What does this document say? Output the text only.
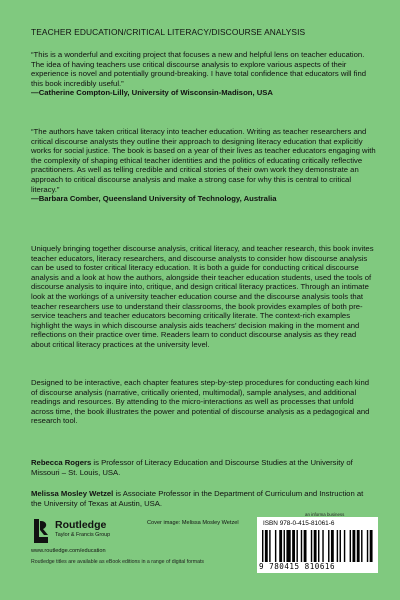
TEACHER EDUCATION/CRITICAL LITERACY/DISCOURSE ANALYSIS

“This is a wonderful and exciting project that focuses a new and helpful lens on teacher education. The idea of having teachers use critical discourse analysis to explore various aspects of their experience is novel and potentially ground-breaking. I have total confidence that educators will find this book incredibly useful.”

—Catherine Compton-Lilly, University of Wisconsin-Madison, USA

“The authors have taken critical literacy into teacher education. Writing as teacher researchers and critical discourse analysts they outline their approach to designing literacy education that explicitly works for social justice. The book is based on a year of their lives as teacher educators engaging with the complexity of shaping ethical teacher identities and the politics of educating critically reflective practitioners. As well as telling credible and critical stories of their own work they demonstrate an approach to critical discourse analysis and make a strong case for why this is central to critical literacy.”

—Barbara Comber, Queensland University of Technology, Australia

Uniquely bringing together discourse analysis, critical literacy, and teacher research, this book invites teacher educators, literacy researchers, and discourse analysts to consider how discourse analysis can be used to foster critical literacy education. It is both a guide for conducting critical discourse analysis and a look at how the authors, alongside their teacher education students, used the tools of discourse analysis to inquire into, critique, and design critical literacy practices. Through an intimate look at the workings of a university teacher education course and the discourse analysis tools that teacher researchers use to understand their classrooms, the book provides examples of both pre-service teachers and teacher educators becoming critically literate. The context-rich examples highlight the ways in which discourse analysis aids teachers’ decision making in the moment and reflections on their practice over time. Readers learn to conduct discourse analysis as they read about critical literacy practices at the university level.

Designed to be interactive, each chapter features step-by-step procedures for conducting each kind of discourse analysis (narrative, critically oriented, multimodal), sample analyses, and additional readings and resources. By attending to the micro-interactions as well as processes that unfold across time, the book illustrates the power and potential of discourse analysis as a pedagogical and research tool.

Rebecca Rogers is Professor of Literacy Education and Discourse Studies at the University of Missouri – St. Louis, USA.

Melissa Mosley Wetzel is Associate Professor in the Department of Curriculum and Instruction at the University of Texas at Austin, USA.

Routledge
Taylor & Francis Group
www.routledge.com/education
Cover image: Melissa Mosley Wetzel
Routledge titles are available as eBook editions in a range of digital formats
an informa business
ISBN 978-0-415-81061-6
9 780415 810616
